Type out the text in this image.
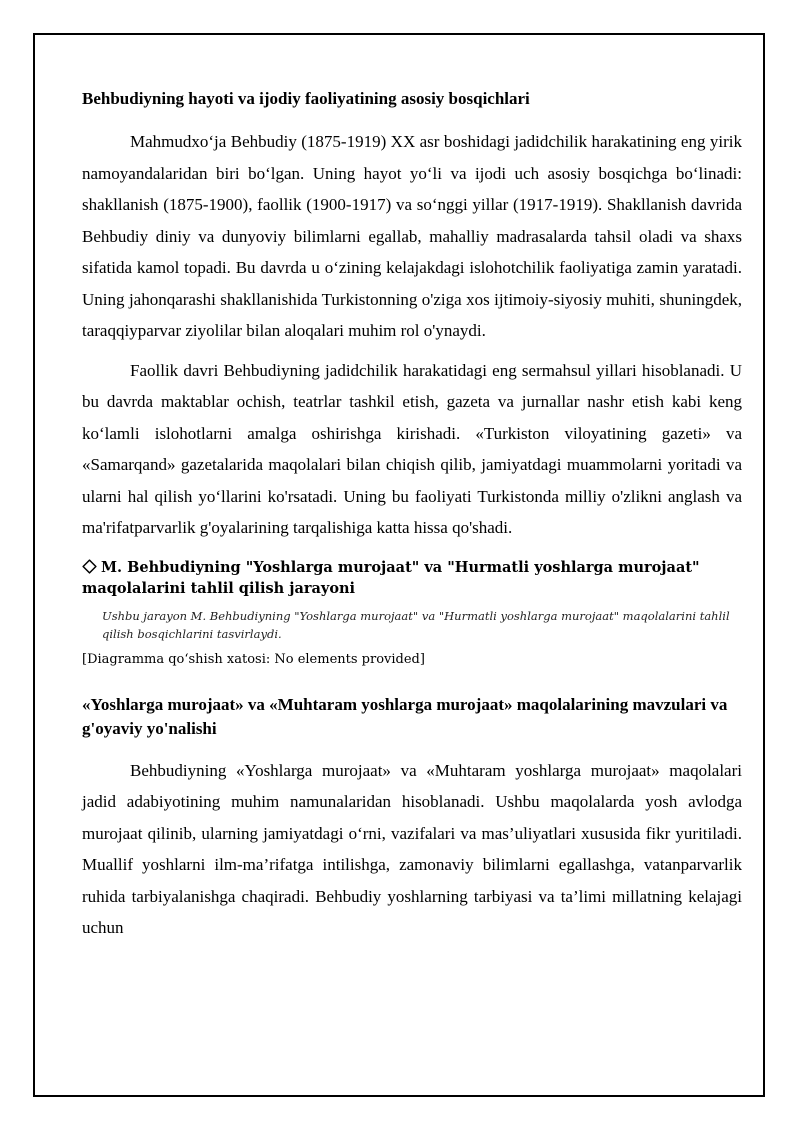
Behbudiyning hayoti va ijodiy faoliyatining asosiy bosqichlari

Mahmudxo‘ja Behbudiy (1875-1919) XX asr boshidagi jadidchilik harakatining eng yirik namoyandalaridan biri bo‘lgan. Uning hayot yo‘li va ijodi uch asosiy bosqichga bo‘linadi: shakllanish (1875-1900), faollik (1900-1917) va so‘nggi yillar (1917-1919). Shakllanish davrida Behbudiy diniy va dunyoviy bilimlarni egallab, mahalliy madrasalarda tahsil oladi va shaxs sifatida kamol topadi. Bu davrda u o‘zining kelajakdagi islohotchilik faoliyatiga zamin yaratadi. Uning jahonqarashi shakllanishida Turkistonning o'ziga xos ijtimoiy-siyosiy muhiti, shuningdek, taraqqiyparvar ziyolilar bilan aloqalari muhim rol o'ynaydi.

Faollik davri Behbudiyning jadidchilik harakatidagi eng sermahsul yillari hisoblanadi. U bu davrda maktablar ochish, teatrlar tashkil etish, gazeta va jurnallar nashr etish kabi keng ko‘lamli islohotlarni amalga oshirishga kirishadi. «Turkiston viloyatining gazeti» va «Samarqand» gazetalarida maqolalari bilan chiqish qilib, jamiyatdagi muammolarni yoritadi va ularni hal qilish yo‘llarini ko'rsatadi. Uning bu faoliyati Turkistonda milliy o'zlikni anglash va ma'rifatparvarlik g'oyalarining tarqalishiga katta hissa qo'shadi.

M. Behbudiyning "Yoshlarga murojaat" va "Hurmatli yoshlarga murojaat" maqolalarini tahlil qilish jarayoni
Ushbu jarayon M. Behbudiyning "Yoshlarga murojaat" va "Hurmatli yoshlarga murojaat" maqolalarini tahlil qilish bosqichlarini tasvirlaydi.
[Diagramma qo‘shish xatosi: No elements provided]
«Yoshlarga murojaat» va «Muhtaram yoshlarga murojaat» maqolalarining mavzulari va g'oyaviy yo'nalishi

Behbudiyning «Yoshlarga murojaat» va «Muhtaram yoshlarga murojaat» maqolalari jadid adabiyotining muhim namunalaridan hisoblanadi. Ushbu maqolalarda yosh avlodga murojaat qilinib, ularning jamiyatdagi o‘rni, vazifalari va mas’uliyatlari xususida fikr yuritiladi. Muallif yoshlarni ilm-ma’rifatga intilishga, zamonaviy bilimlarni egallashga, vatanparvarlik ruhida tarbiyalanishga chaqiradi. Behbudiy yoshlarning tarbiyasi va ta’limi millatning kelajagi uchun
